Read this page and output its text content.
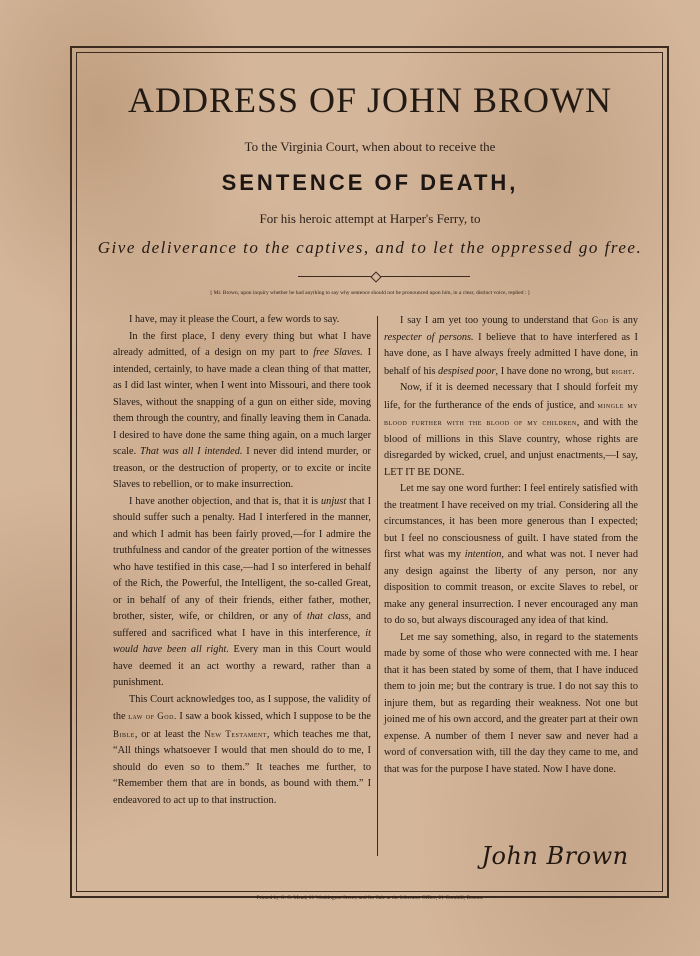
ADDRESS OF JOHN BROWN
To the Virginia Court, when about to receive the
SENTENCE OF DEATH,
For his heroic attempt at Harper's Ferry, to
Give deliverance to the captives, and to let the oppressed go free.
[ Mr. Brown, upon inquiry whether he had anything to say why sentence should not be pronounced upon him, in a clear, distinct voice, replied : ]

I have, may it please the Court, a few words to say.

In the first place, I deny every thing but what I have already admitted, of a design on my part to free Slaves. I intended, certainly, to have made a clean thing of that matter, as I did last winter, when I went into Missouri, and there took Slaves, without the snapping of a gun on either side, moving them through the country, and finally leaving them in Canada. I desired to have done the same thing again, on a much larger scale. That was all I intended. I never did intend murder, or treason, or the destruction of property, or to excite or incite Slaves to rebellion, or to make insurrection.

I have another objection, and that is, that it is unjust that I should suffer such a penalty. Had I interfered in the manner, and which I admit has been fairly proved,—for I admire the truthfulness and candor of the greater portion of the witnesses who have testified in this case,—had I so interfered in behalf of the Rich, the Powerful, the Intelligent, the so-called Great, or in behalf of any of their friends, either father, mother, brother, sister, wife, or children, or any of that class, and suffered and sacrificed what I have in this interference, it would have been all right. Every man in this Court would have deemed it an act worthy a reward, rather than a punishment.

This Court acknowledges too, as I suppose, the validity of the law of God. I saw a book kissed, which I suppose to be the Bible, or at least the New Testament, which teaches me that, “All things whatsoever I would that men should do to me, I should do even so to them.” It teaches me further, to “Remember them that are in bonds, as bound with them.” I endeavored to act up to that instruction.

I say I am yet too young to understand that God is any respecter of persons. I believe that to have interfered as I have done, as I have always freely admitted I have done, in behalf of his despised poor, I have done no wrong, but right.

Now, if it is deemed necessary that I should forfeit my life, for the furtherance of the ends of justice, and mingle my blood further with the blood of my children, and with the blood of millions in this Slave country, whose rights are disregarded by wicked, cruel, and unjust enactments,—I say, LET IT BE DONE.

Let me say one word further: I feel entirely satisfied with the treatment I have received on my trial. Considering all the circumstances, it has been more generous than I expected; but I feel no consciousness of guilt. I have stated from the first what was my intention, and what was not. I never had any design against the liberty of any person, nor any disposition to commit treason, or excite Slaves to rebel, or make any general insurrection. I never encouraged any man to do so, but always discouraged any idea of that kind.

Let me say something, also, in regard to the statements made by some of those who were connected with me. I hear that it has been stated by some of them, that I have induced them to join me; but the contrary is true. I do not say this to injure them, but as regarding their weakness. Not one but joined me of his own accord, and the greater part at their own expense. A number of them I never saw and never had a word of conversation with, till the day they came to me, and that was for the purpose I have stated. Now I have done.

John Brown
Printed by C. C. Mead, 61 Washington Street, and for Sale at the Liberator Office, 21 Cornhill, Boston.
